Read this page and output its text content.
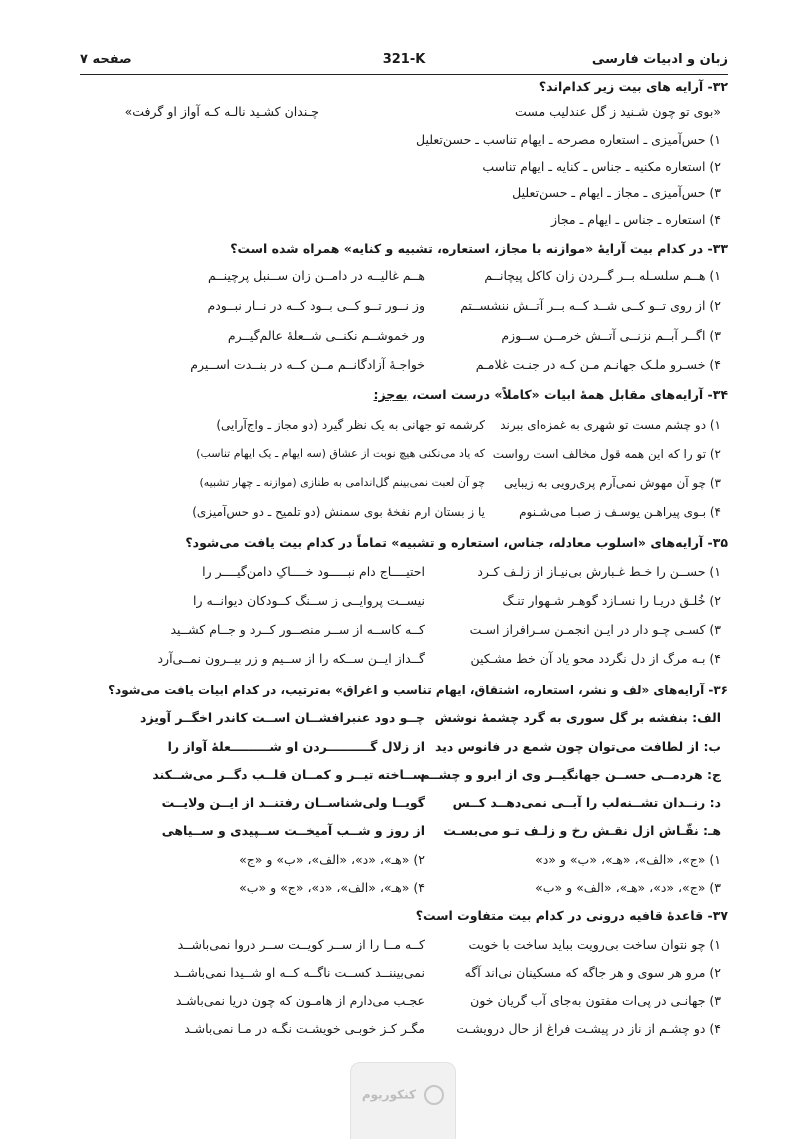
زبان و ادبیات فارسی
321-K
صفحه ۷
۳۲- آرایه های بیت زیر کدام‌اند؟
«بوی تو چون شـنید ز گل عندلیب مست
چـندان کشـید نالـه کـه آواز او گرفت»
۱) حس‌آمیزی ـ استعاره مصرحه ـ ایهام تناسب ـ حسن‌تعلیل
۲) استعاره مکنیه ـ جناس ـ کنایه ـ ایهام تناسب
۳) حس‌آمیزی ـ مجاز ـ ایهام ـ حسن‌تعلیل
۴) استعاره ـ جناس ـ ایهام ـ مجاز
۳۳- در کدام بیت آرایۀ «موازنه با مجاز، استعاره، تشبیه و کنایه» همراه شده است؟
۱) هــم سلسـله بــر گــردن زان کاکل پیچانــم
هــم غالیــه در دامــن زان ســنبل پرچینــم
۲) از روی تــو کــی شــد کــه بــر آتــش ننشســتم
وز نــور تــو کــی بــود کــه در نــار نبــودم
۳) اگــر آبــم نزنــی آتــش خرمــن ســوزم
ور خموشــم نکنــی شــعلۀ عالم‌گیــرم
۴) خسـرو ملـک جهانـم مـن کـه در جنـت غلامـم
خواجـۀ آزادگانــم مــن کــه در بنــدت اســیرم
۳۴- آرایه‌های مقابل همۀ ابیات «کاملاً» درست است، به‌جز:
۱) دو چشم مست تو شهری به غمزه‌ای ببرند
کرشمه تو جهانی به یک نظر گیرد (دو مجاز ـ واج‌آرایی)
۲) تو را که این همه قول مخالف است رواست
که یاد می‌نکنی هیچ نوبت از عشاق (سه ایهام ـ یک ایهام تناسب)
۳) چو آن مهوش نمی‌آرم پری‌رویی به زیبایی
چو آن لعبت نمی‌بینم گل‌اندامی به طنازی (موازنه ـ چهار تشبیه)
۴) بـوی پیراهـن یوسـف ز صبـا می‌شـنوم
یا ز بستان ارم نفخۀ بوی سمنش (دو تلمیح ـ دو حس‌آمیزی)
۳۵- آرایه‌های «اسلوب معادله، جناس، استعاره و تشبیه» تماماً در کدام بیت یافت می‌شود؟
۱) حســن را خـط غـبارش بی‌نیـاز از زلـف کـرد
احتیــــاج دام نبـــــود خــــاکِ دامن‌گیــــر را
۲) خُلـق دریـا را نسـازد گوهـر شـهوار تنـگ
نیســت پروایــی ز ســنگ کــودکان دیوانــه را
۳) کسـی چـو دار در ایـن انجمـن سـرافراز اسـت
کــه کاســه از ســر منصــور کــرد و جــام کشــید
۴) بـه مرگ از دل نگردد محو یاد آن خط مشـکین
گــداز ایــن ســکه را از ســیم و زر بیــرون نمــی‌آرد
۳۶- آرایه‌های «لف و نشر، استعاره، اشتقاق، ایهام تناسب و اغراق» به‌ترتیب، در کدام ابیات یافت می‌شود؟
الف: بنفشه بر گل سوری به گرد چشمهٔ نوشش
چــو دود عنبرافشــان اســت کاندر اخگــر آویزد
ب: از لطافت می‌توان چون شمع در فانوس دید
از زلال گــــــــــردن او شـــــــــعلۀ آواز را
ج: هردمــی حســن جهانگیــر وی از ابرو و چشــم
ســاخته تیــر و کمــان قلــب دگــر می‌شــکند
د: رنــدان تشــنه‌لب را آبــی نمی‌دهــد کــس
گویــا ولی‌شناســان رفتنــد از ایــن ولایــت
هـ: نقّـاش ازل نقـش رخ و زلـف تـو می‌بسـت
از روز و شــب آمیخــت ســپیدی و ســیاهی
۱) «ج»، «الف»، «هـ»، «ب» و «د»
۲) «هـ»، «د»، «الف»، «ب» و «ج»
۳) «ج»، «د»، «هـ»، «الف» و «ب»
۴) «هـ»، «الف»، «د»، «ج» و «ب»
۳۷- قاعدۀ قافیه درونی در کدام بیت متفاوت است؟
۱) چو نتوان ساخت بی‌رویت بباید ساخت با خویت
کــه مــا را از ســر کویــت ســر دروا نمی‌باشــد
۲) مرو هر سوی و هر جاگه که مسکینان نی‌اند آگه
نمی‌بیننــد کســت ناگــه کــه او شــیدا نمی‌باشــد
۳) جهانـی در پی‌ات مفتون به‌جای آب گریان خون
عجـب می‌دارم از هامـون که چون دریا نمی‌باشـد
۴) دو چشـم از ناز در پیشـت فراغ از حال درویشـت
مگـر کـز خوبـی خویشـت نگـه در مـا نمی‌باشـد
کنکوریوم
